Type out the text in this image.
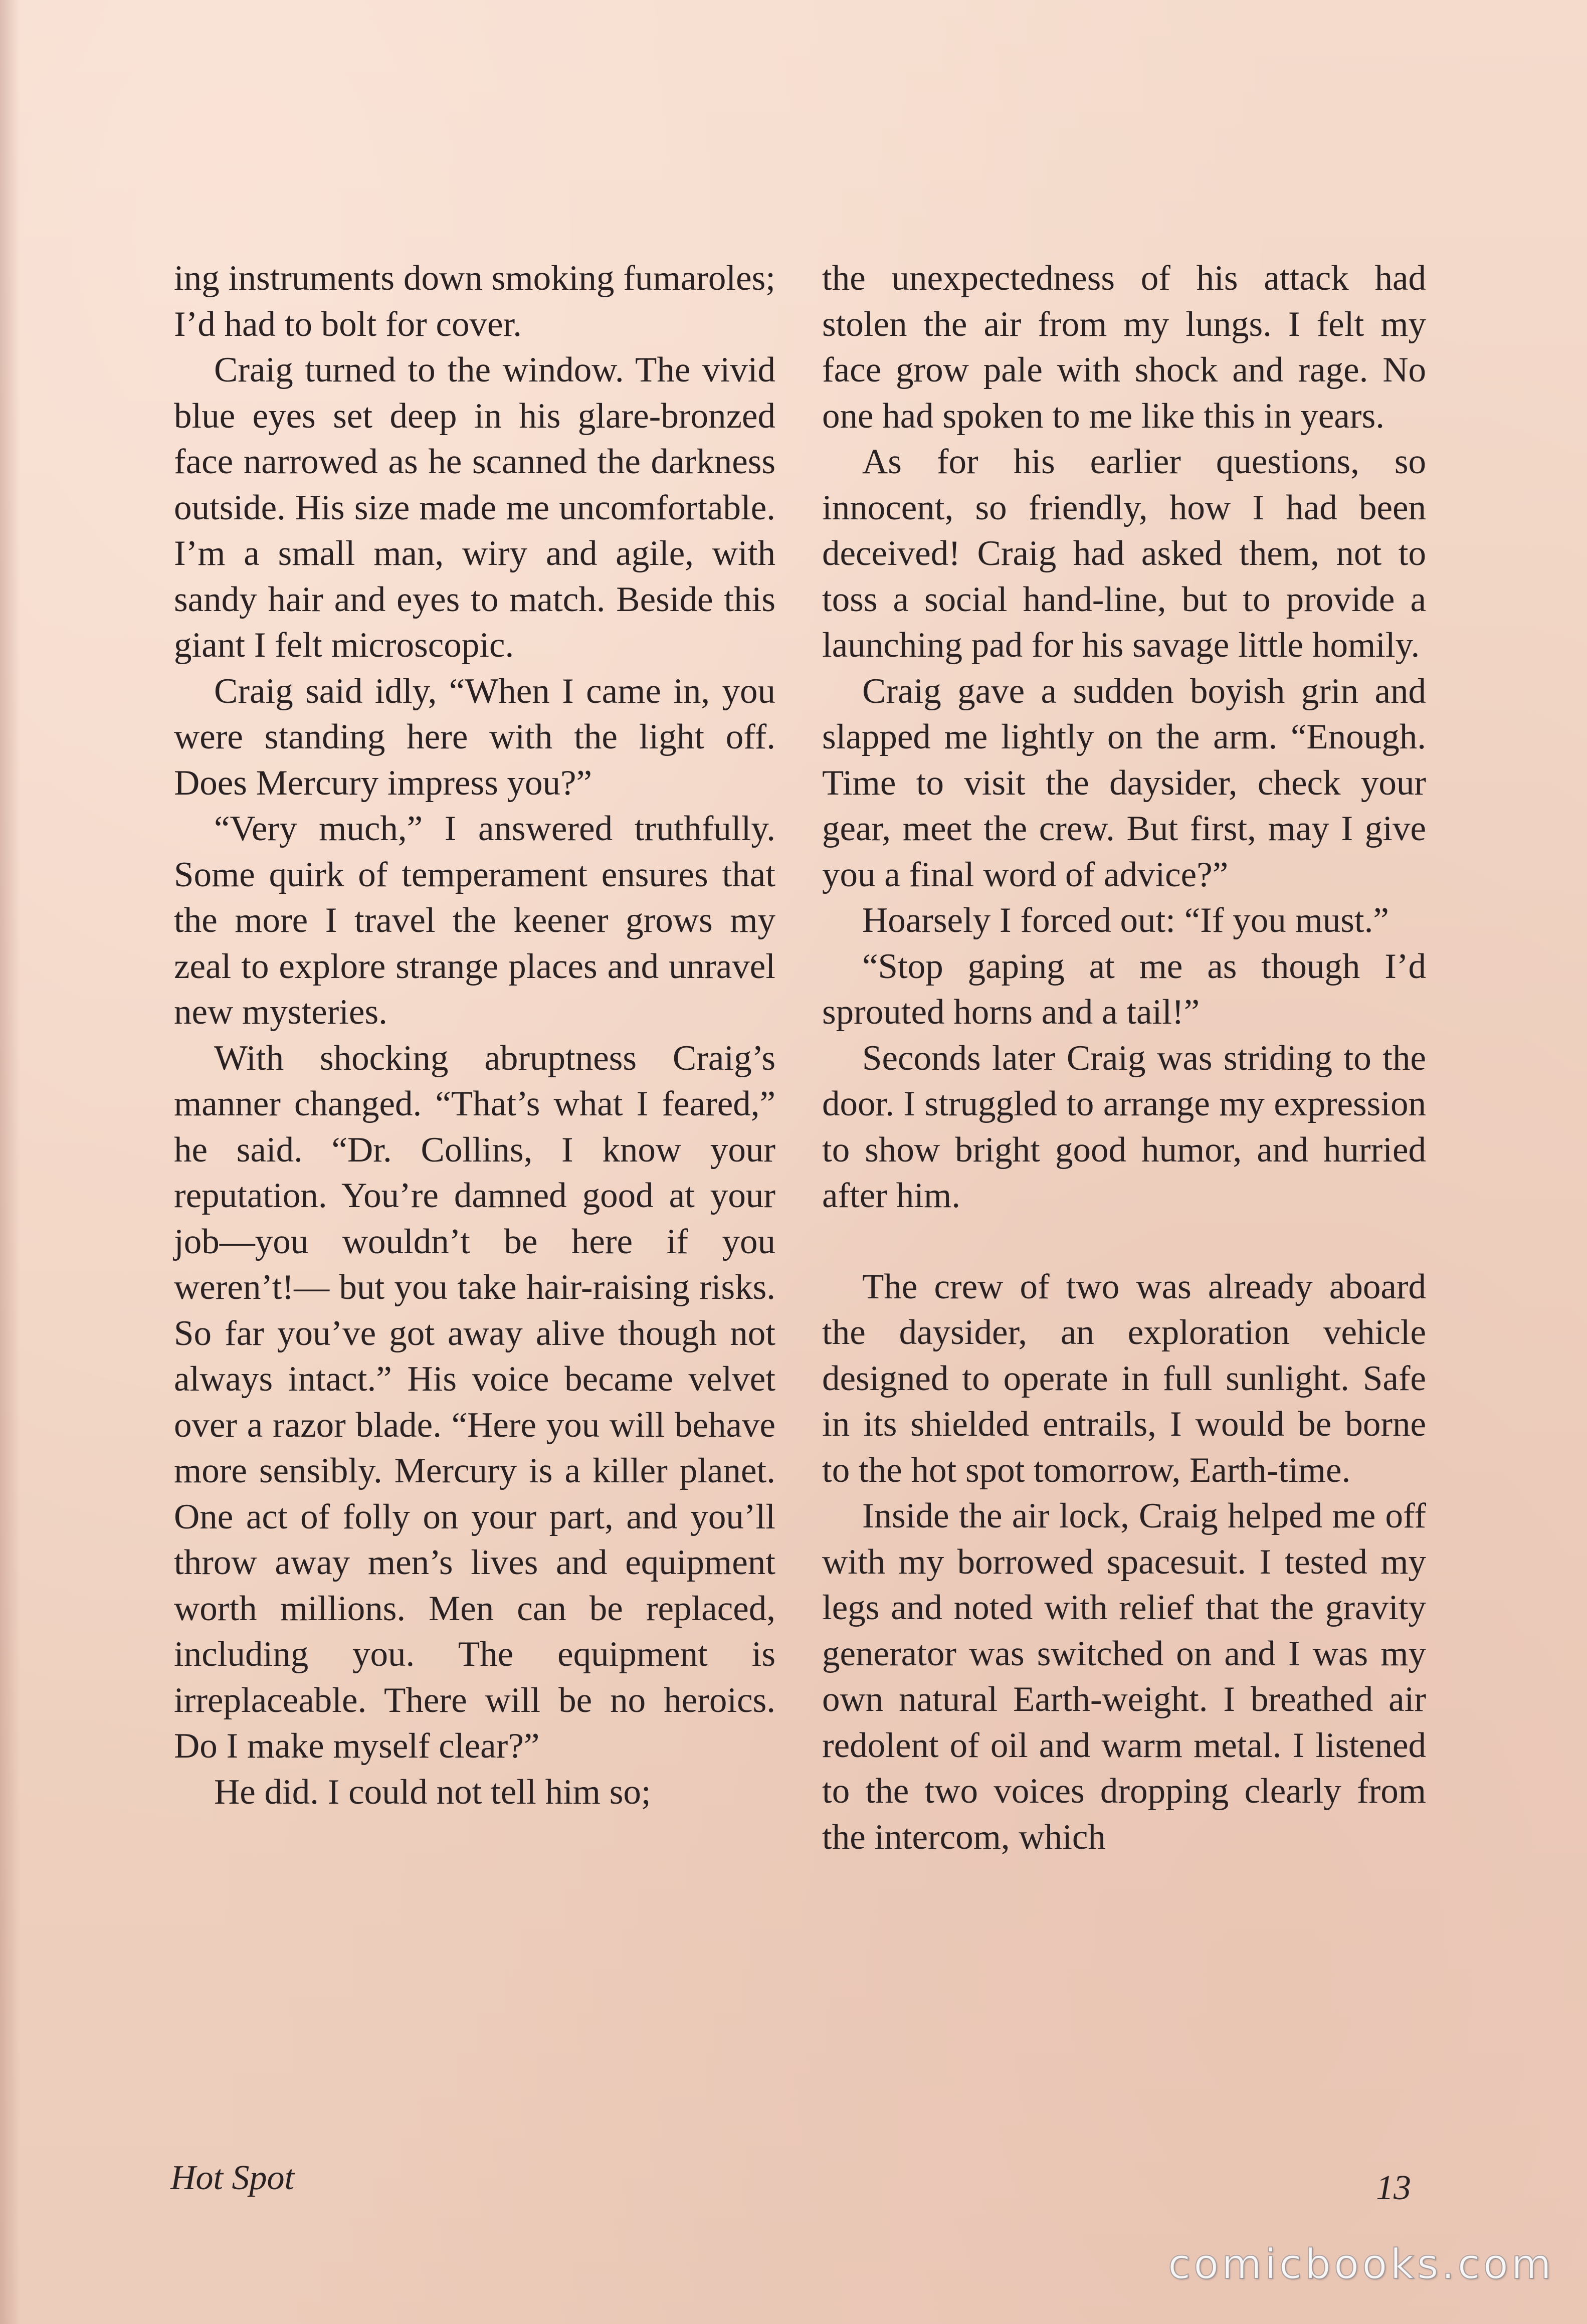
ing instruments down smoking fumaroles; I’d had to bolt for cover.

Craig turned to the window. The vivid blue eyes set deep in his glare-bronzed face narrowed as he scanned the darkness outside. His size made me uncomfortable. I’m a small man, wiry and agile, with sandy hair and eyes to match. Beside this giant I felt microscopic.

Craig said idly, “When I came in, you were standing here with the light off. Does Mercury impress you?”

“Very much,” I answered truthfully. Some quirk of temperament ensures that the more I travel the keener grows my zeal to explore strange places and unravel new mysteries.

With shocking abruptness Craig’s manner changed. “That’s what I feared,” he said. “Dr. Collins, I know your reputation. You’re damned good at your job—you wouldn’t be here if you weren’t!— but you take hair-raising risks. So far you’ve got away alive though not always intact.” His voice became velvet over a razor blade. “Here you will behave more sensibly. Mercury is a killer planet. One act of folly on your part, and you’ll throw away men’s lives and equipment worth millions. Men can be replaced, including you. The equipment is irreplaceable. There will be no heroics. Do I make myself clear?”

He did. I could not tell him so;

the unexpectedness of his attack had stolen the air from my lungs. I felt my face grow pale with shock and rage. No one had spoken to me like this in years.

As for his earlier questions, so innocent, so friendly, how I had been deceived! Craig had asked them, not to toss a social hand-line, but to provide a launching pad for his savage little homily.

Craig gave a sudden boyish grin and slapped me lightly on the arm. “Enough. Time to visit the daysider, check your gear, meet the crew. But first, may I give you a final word of advice?”

Hoarsely I forced out: “If you must.”

“Stop gaping at me as though I’d sprouted horns and a tail!”

Seconds later Craig was striding to the door. I struggled to arrange my expression to show bright good humor, and hurried after him.

The crew of two was already aboard the daysider, an exploration vehicle designed to operate in full sunlight. Safe in its shielded entrails, I would be borne to the hot spot tomorrow, Earth-time.

Inside the air lock, Craig helped me off with my borrowed spacesuit. I tested my legs and noted with relief that the gravity generator was switched on and I was my own natural Earth-weight. I breathed air redolent of oil and warm metal. I listened to the two voices dropping clearly from the intercom, which

Hot Spot	13
comicbooks.com
